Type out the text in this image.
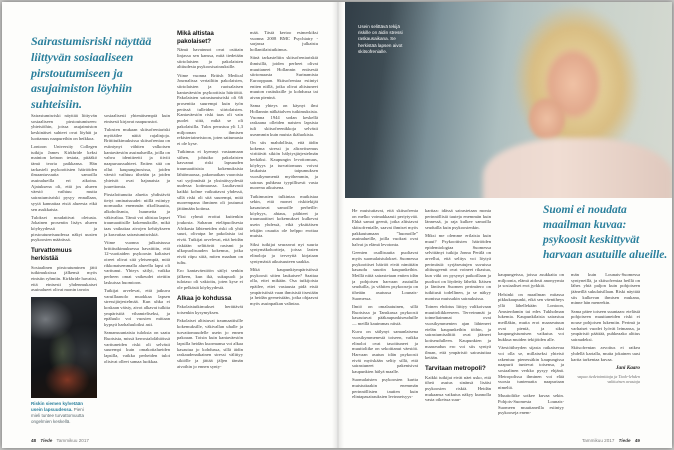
Sairastumisriski näyttää liittyvän sosiaaliseen pirstoutumiseen ja asujaimiston löyhiin suhteisiin.

Sairastumisriski näyttää liittyvän sosiaaliseen pirstoutumiseen: yhteisöihin, joissa asujaimiston keskinäiset suhteet ovat löyhät ja luottamus naapureihin on heikkoa.

Lontoon University Collegen tutkija James Kirkbride keksi mainion keinon testata, pitääkö tämä teoria paikkansa. Hän tarkasteli psykoottisten häiriöiden ilmaantuvuutta samoilla asuinalueilla eri aikoina. Ajatuksena oli, että jos alueen väestö vaihtuu mutta sairastumisriski pysyy ennallaan, syytä kannattaa etsiä alueesta eikä sen asukkaista.

Tulokset noudattivat oletusta. Jokainen prosentin lisäys alueen köyhyydessä ja pirstoutuneisuudessa näkyi uusien psykoosien määrässä.

Turvattomuus herkistää

Sosiaalinen pirstoutuminen jätti tutkimuksissa jälkensä myös etnisiin ryhmiin. Kirkbride havaitsi, että etnisesti yhdenmukaiset asuinalueet olivat monin tavoin

sosiaalisesti yhtenäisempiä kuin etnisesti kirjavat naapurustot.

Tulosten mukaan skitsofreniariski myötäilee näitä rajalinjoja. Brittitutkimuksissa skitsofreniaa on esiintynyt vähiten valkoisen kantaväestön asuinalueilla, joilla on vahva identiteetti ja tiiviit naapuruussuhteet. Eniten sitä on ollut kaupunginosissa, joiden väestö vaihtuu tiheään ja joiden yhteisöt ovat hajanaisia ja juurettomia.

Pirstaloitunutta aluetta yhdistävät tietyt ominaisuudet: niillä esiintyy normaalia enemmän rikollisuutta, alkoholismia, huumeita ja väkivaltaa. Tämä voi altistaa lapset traumaattisille kokemuksille, mikä taas vaikuttaa aivojen kehitykseen ja kasvattaa sairastumisriskiä.

Viime vuonna julkaistussa brittitutkimuksessa havaittiin, että 12-vuotiaiden psykoosin kaltaiset oireet olivat sitä yleisempiä, mitä rikkonaisemmalla alueella lapsi oli varttunut. Yhteys säilyi, vaikka perheen omat vaikeudet otettiin laskuissa huomioon.

Tutkijat arvelevat, että jatkuva varuillaanolo muokkaa lapsen stressijärjestelmää. Kun uhka ei koskaan väisty, aivot alkavat tulkita ympäristöä vihamieliseksi, ja epäluulo voi vuosien mittaan kypsyä harhaluuloiksi asti.

Samansuuntaisia tuloksia on saatu Ruotsista, missä kerrostalolähiöissä varttuneiden riski oli selvästi suurempi kuin omakotialueiden lapsilla, vaikka perheiden tulot olisivat olleet samaa luokkaa.

Mikä altistaa pakolaiset?

Nämä havainnot ovat osittain linjassa sen kanssa, mitä tiedetään siirtolaisten ja pakolaisten alttiudesta psykoosisairauksille.

Viime vuonna British Medical Journalissa vertailtiin pakolaisten, siirtolaisten ja ruotsalaisen kantaväestön psykoottisia häiriöitä. Pakolaisten sairastumisriski oli 66 prosenttia suurempi kuin työn perässä tulleiden siirtolaisten. Kantaväestön riski taas oli vain puolet siitä, mikä se oli pakolaisilla. Tulos perustuu yli 1,3 miljoonan ihmisen rekisteriaineistoon, joten sattumasta ei ole kyse.

Tutkimus ei kyennyt vastaamaan siihen, johtuiko pakolaisten kasvanut riski lapsuuden traumaattisista kokemuksista lähtömaassa, pakomatkan vaaroista vai syrjinnästä ja yksinäisyydestä uudessa kotimaassa. Luultavasti kaikki kolme vaikuttavat yhdessä, sillä riski oli sitä suurempi, mitä nuorempana ihminen oli joutunut jättämään kotinsa.

Yksi ryhmä erottui kuitenkin joukosta. Saharan eteläpuolisesta Afrikasta lähteneiden riski oli yhtä suuri, olivatpa he pakolaisia tai eivät. Tutkijat arvelevat, että heidän riskiään selittävät rasismi ja ulkopuolisuuden kokemus, jotka eivät riipu siitä, miten maahan on tultu.

Ero kantaväestöön säilyi senkin jälkeen, kun ikä, sukupuoli ja tulotaso oli vakioitu, joten kyse ei ole pelkästä köyhyydestä.

Alkaa jo kohdussa

Pakolaistutkimukset herättävät toisenkin kysymyksen.

Pakolaiset altistuvat traumaattisille kokemuksille, väkivallan uhalle ja turvattomuudelle usein jo ennen pakoaan. Toisin kuin kantaväestön lapsilla heidän kuormansa voi alkaa kasautua jo kohdussa, sillä äidin raskaudenaikainen stressi välittyy sikiölle ja jättää jäljen tämän aivoihin jo ennen synty-

mää. Tästä kertoo esimerkiksi vuonna 2008 BMC Psychiatry -sarjassa julkaistu hollantilaistutkimus.

Siinä tarkasteltiin skitsofreniariskiä ihmisillä, joiden perheet olivat muuttaneet Hollannin entisestä siirtomaasta Surinamista Eurooppaan. Skitsofreniaa esiintyi eniten niillä, jotka olivat altistuneet muuton rasituksille jo kohdussa tai aivan pieninä.

Sama yhteys on käynyt ilmi Hollannin nälkätalven tutkimuksista. Vuonna 1944 sodan keskellä raskaana olleiden naisten lapsista tuli skitsofreenikkoja selvästi useammin kuin muista ikäluokista.

On siis mahdollista, että äidin kokema stressi ja aliravitsemus virittävät sikiön hälytysjärjestelmän herkäksi. Kaupungin levottomuus, köyhyys ja turvattomuus voivat laukaista taipumuksen vuosikymmeniä myöhemmin, ja sairaus puhkeaa tyypillisesti vasta nuorena aikuisena.

Tutkimusten tulkintaa mutkistaa sekin, että monet riskitekijät kasautuvat samoille perheille: köyhyys, ahtaus, päihteet ja traumaattiset kokemukset kulkevat usein yhdessä, eikä yksittäisen tekijän osuutta ole helppo erottaa muista.

Siksi tutkijat seuraavat nyt suuria syntymäkohortteja, joissa lasten elinoloja ja terveyttä kirjataan syntymästä aikuisuuteen saakka.

Mikä kaupunkiympäristössä psykoosit sitten laukaisee? Saattaa olla, ettei mikään. Osa tutkijoista epäilee, ettei vastausta pidä etsiä ympäristöstä vaan ihmisistä itsestään ja heidän geeneistään, jotka ohjaavat myös asuinpaikan valintaa.

Riskin siemen kylvetään usein lapsuudessa. Pieni mieli tuntee turvattomuutta ongelmien keskellä.

48 Tiede Tammikuu 2017

Usein selittävä tekijä riskille on äidin stressi raskausaikana. Se herkistää lapsen aivot skitsofrenialle.

Suomi ei noudata maailman kuvaa: psykoosit keskittyvät harvaan asutuille alueille.

He muistuttavat, että skitsofrenia on melko voimakkaasti periytyvää. Ehkä samat geenit, jotka altistavat skitsofrenialle, saavat ihmiset myös pakkautumaan ”huonoille” asuinalueille, joilla vuokrat ovat halvat ja elämä levotonta.

Geenien osallisuutta puoltavat myös suomalaistulokset. Suomessa psykoottiset häiriöt eivät nimittäin kasaudu suuriin kaupunkeihin. Meillä niitä sairastetaan eniten idän ja pohjoisen harvaan asutuilla seuduilla, ja vähiten psykooseja on tiheään asutussa Lounais-Suomessa.

Ilmiö on omalaatuinen, sillä Ruotsissa ja Tanskassa psykoosit kasautuvat pääkaupunkiseuduille — meillä kauimmas niistä.

Kuva on säilynyt samanlaisena vuosikymmenestä toiseen, vaikka elinolot ovat tasoittuneet ja muuttoliike on sekoittanut väestöä. Harvaan asutun idän psykoosit eivät myöskään selity sillä, että sairastuneet pakenisivat kaupunkien hälyä maalle.

Suomalaisten psykoosien kartta muistuttaakin enemmän perinnöllisten tautien kuin elintapasairauksien levinneisyys-

karttaa: idässä sairastetaan monia perinnöllisiä tauteja enemmän kuin lännessä, ja raja kulkee samoilla seuduilla kuin psykoosienkin.

Miksi me olemme erilaisia kuin muut? Psykoottisten häiriöiden epidemiologiaa Suomessa selvittänyt tutkija Jonna Perälä on arvellut, että selitys voi löytyä perimästä: syrjäseutujen suvuissa alttiusgeenit ovat voineet rikastua, kun väki on pysynyt paikoillaan ja puolisot on löydetty läheltä. Itäisen ja läntisen Suomen perimäero on tutkitusti todellinen, ja se näkyy monissa muissakin sairauksissa.

Toinen ehdotus liittyy valikoivaan muuttoliikkeeseen. Terveimmät ja toimeliaimmat ovat vuosikymmenten ajan lähteneet etelän kaupunkeihin töihin, ja sairastumisalttiit ovat jääneet kotiseudulleen. Kaupunkien ja maaseudun ero voi siis syntyä ilman, että ympäristö sairastuttaa ketään.

Tarvitaan metropoli?

Kaikki tutkijat eivät näet usko, että tiheä asutus sinänsä lisäisi psykoosien riskiä. Heidän mukaansa vaikutus näkyy kunnolla vasta oikeissa suur-

kaupungeissa, joissa asukkaita on miljoonia, elämä aidosti anonyymia ja sosiaaliset erot jyrkkiä.

Helsinki on maailman mitassa pikkukaupunki, eikä sen väentiheys yllä lähellekään Lontoon, Amsterdamin tai edes Tukholman lukemia. Kaupunkilaisia sairastuu meilläkin, mutta erot maaseutuun ovat pieniä, ja siksi kaupungistumisen vaikutus voi hukkua muiden tekijöiden alle.

Väestötiheyden sijasta ratkaisevaa voi olla se, millaiseksi yhteisö rakentuu: pienessäkin kaupungissa naapurit tuntevat toisensa, ja sosiaalinen verkko pysyy ehjänä. Metropolissa ihminen voi elää vuosia tuntematta naapuriaan nimeltä.

Muuttoliike sotkee kuvaa sekin. Pohjois-Suomesta Lounais-Suomeen muuttaneilla esiintyy psykooseja enem-

män kuin Lounais-Suomessa syntyneillä, ja skitsofreniaa heillä on lähes yhtä paljon kuin pohjoiseen jääneillä sukulaisillaan. Riski näyttää siis kulkevan ihmisen mukana, minne hän meneekin.

Sama pätee toiseen suuntaan: etelästä pohjoiseen muuttaneiden riski ei nouse pohjoisen lukemiin. Perimä ja varhaiset vuodet lyövät leimansa, ja ympäristö päättää, puhkeaako alttius sairaudeksi.

Skitsofrenian arvoitus ei ratkea yhdellä kartalla, mutta jokainen uusi kartta tarkentaa kuvaa.

Jani Kaaro

vapaa tiedetoimittaja ja Tiede-lehden vakituinen avustaja

Tammikuu 2017 Tiede 49
